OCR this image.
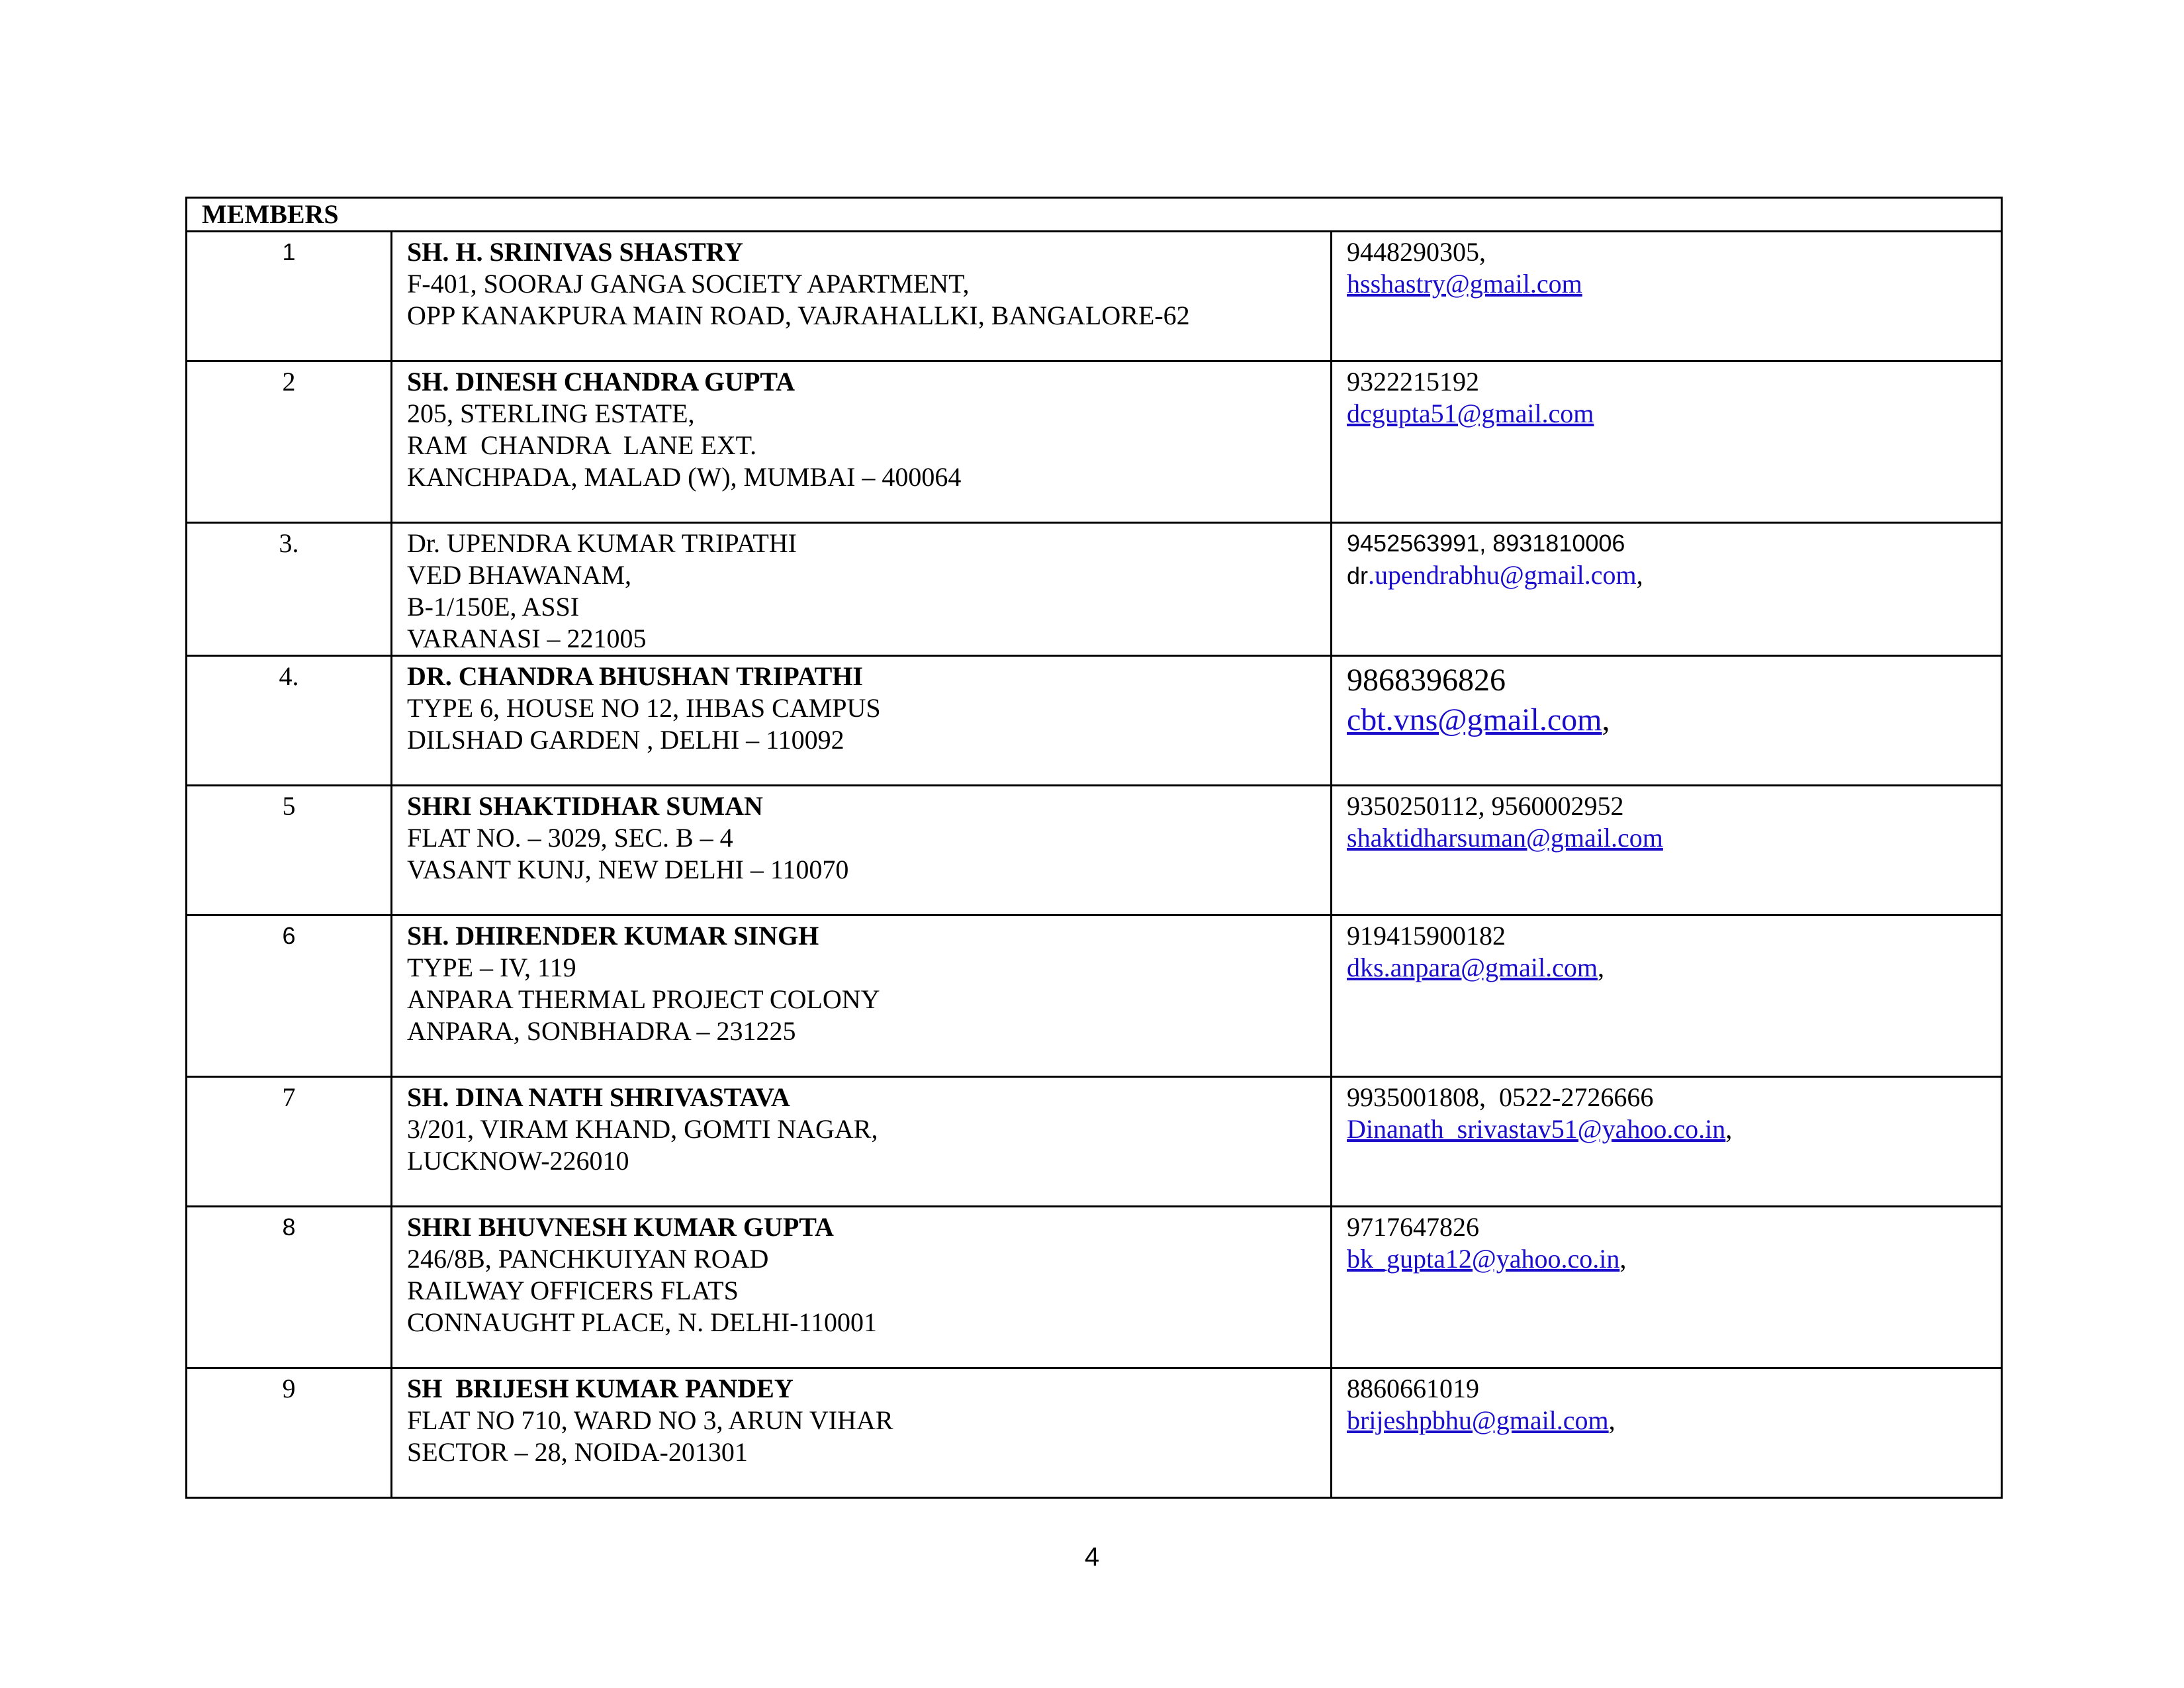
MEMBERS		
1	SH. H. SRINIVAS SHASTRY
F-401, SOORAJ GANGA SOCIETY APARTMENT,
OPP KANAKPURA MAIN ROAD, VAJRAHALLKI, BANGALORE-62	9448290305,
hsshastry@gmail.com

2	SH. DINESH CHANDRA GUPTA
205, STERLING ESTATE,
RAM  CHANDRA  LANE EXT.
KANCHPADA, MALAD (W), MUMBAI – 400064	9322215192
dcgupta51@gmail.com

3.	Dr. UPENDRA KUMAR TRIPATHI
VED BHAWANAM,
B-1/150E, ASSI
VARANASI – 221005	9452563991, 8931810006
dr.upendrabhu@gmail.com,

4.	DR. CHANDRA BHUSHAN TRIPATHI
TYPE 6, HOUSE NO 12, IHBAS CAMPUS
DILSHAD GARDEN , DELHI – 110092	9868396826
cbt.vns@gmail.com,

5	SHRI SHAKTIDHAR SUMAN
FLAT NO. – 3029, SEC. B – 4
VASANT KUNJ, NEW DELHI – 110070	9350250112, 9560002952
shaktidharsuman@gmail.com

6	SH. DHIRENDER KUMAR SINGH
TYPE – IV, 119
ANPARA THERMAL PROJECT COLONY
ANPARA, SONBHADRA – 231225	919415900182
dks.anpara@gmail.com,

7	SH. DINA NATH SHRIVASTAVA
3/201, VIRAM KHAND, GOMTI NAGAR,
LUCKNOW-226010	9935001808,  0522-2726666
Dinanath_srivastav51@yahoo.co.in,

8	SHRI BHUVNESH KUMAR GUPTA
246/8B, PANCHKUIYAN ROAD
RAILWAY OFFICERS FLATS
CONNAUGHT PLACE, N. DELHI-110001	9717647826
bk_gupta12@yahoo.co.in,

9	SH  BRIJESH KUMAR PANDEY
FLAT NO 710, WARD NO 3, ARUN VIHAR
SECTOR – 28, NOIDA-201301	8860661019
brijeshpbhu@gmail.com,
4
